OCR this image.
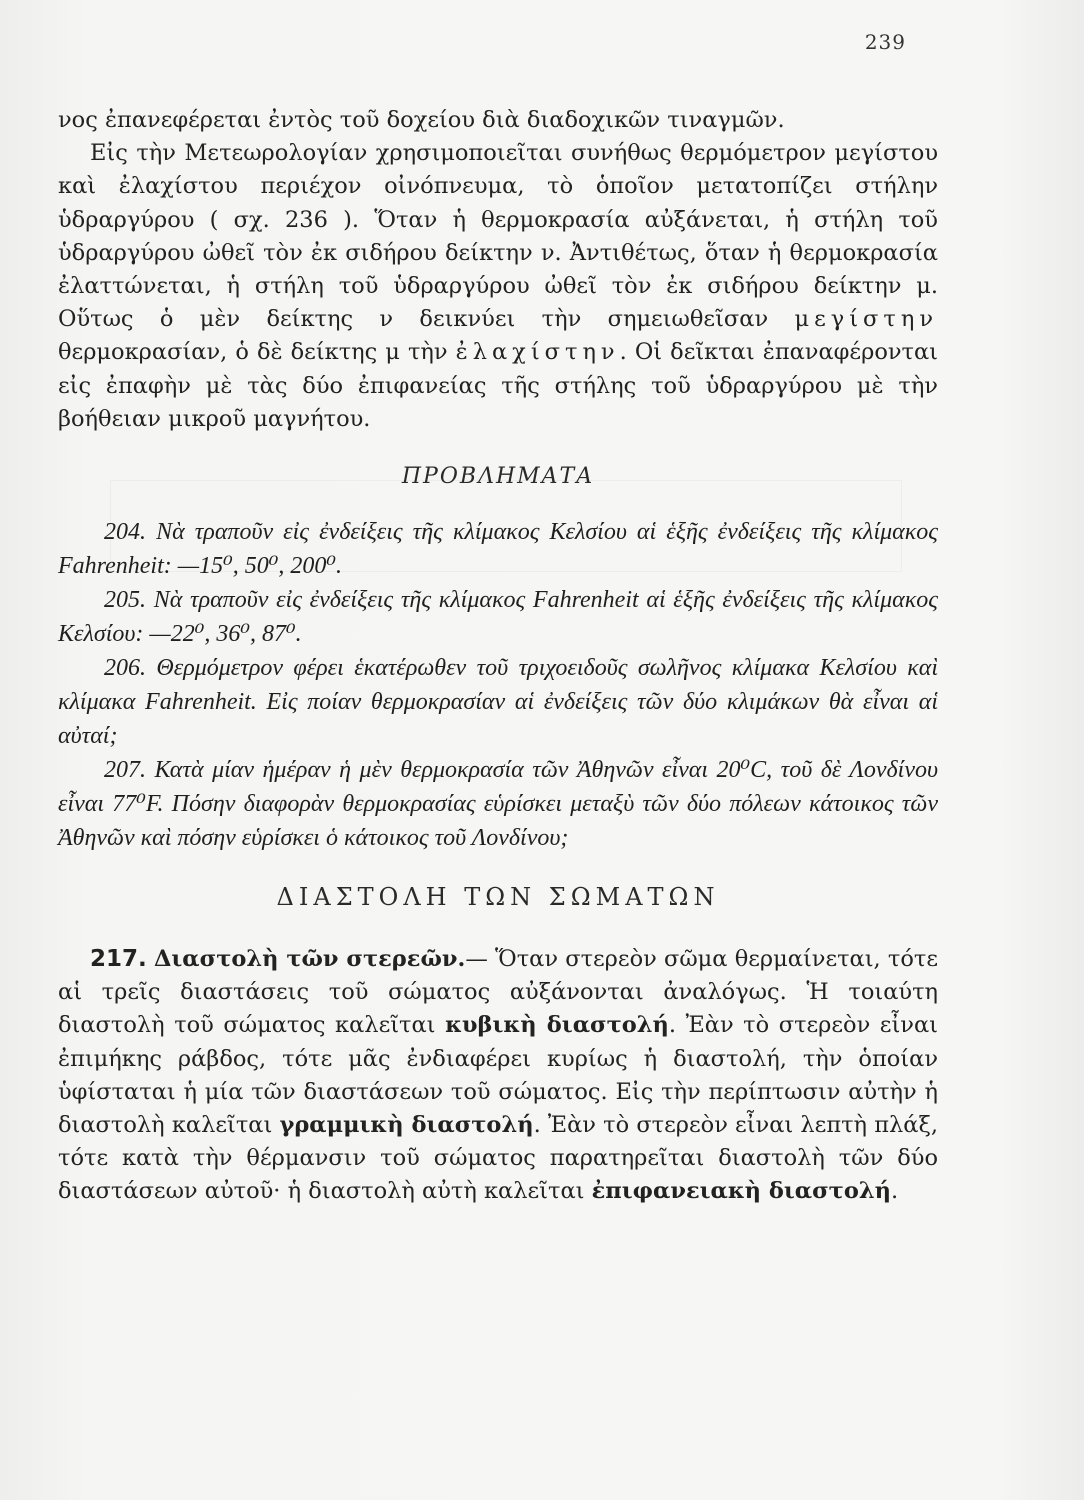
239

νος ἐπανεφέρεται ἐντὸς τοῦ δοχείου διὰ διαδοχικῶν τιναγμῶν.

Εἰς τὴν Μετεωρολογίαν χρησιμοποιεῖται συνήθως θερμόμετρον μεγίστου καὶ ἐλαχίστου περιέχον οἰνόπνευμα, τὸ ὁποῖον μετατοπίζει στήλην ὑδραργύρου ( σχ. 236 ). Ὅταν ἡ θερμοκρασία αὐξάνεται, ἡ στήλη τοῦ ὑδραργύρου ὠθεῖ τὸν ἐκ σιδήρου δείκτην ν. Ἀντιθέτως, ὅταν ἡ θερμοκρασία ἐλαττώνεται, ἡ στήλη τοῦ ὑδραργύρου ὠθεῖ τὸν ἐκ σιδήρου δείκτην μ. Οὕτως ὁ μὲν δείκτης ν δεικνύει τὴν σημειωθεῖσαν μεγίστην θερμοκρασίαν, ὁ δὲ δείκτης μ τὴν ἐλαχίστην. Οἱ δεῖκται ἐπαναφέρονται εἰς ἐπαφὴν μὲ τὰς δύο ἐπιφανείας τῆς στήλης τοῦ ὑδραργύρου μὲ τὴν βοήθειαν μικροῦ μαγνήτου.

ΠΡΟΒΛΗΜΑΤΑ

204. Νὰ τραποῦν εἰς ἐνδείξεις τῆς κλίμακος Κελσίου αἱ ἑξῆς ἐνδείξεις τῆς κλίμακος Fahrenheit: —15⁰, 50⁰, 200⁰.

205. Νὰ τραποῦν εἰς ἐνδείξεις τῆς κλίμακος Fahrenheit αἱ ἑξῆς ἐνδείξεις τῆς κλίμακος Κελσίου: —22⁰, 36⁰, 87⁰.

206. Θερμόμετρον φέρει ἑκατέρωθεν τοῦ τριχοειδοῦς σωλῆνος κλίμακα Κελσίου καὶ κλίμακα Fahrenheit. Εἰς ποίαν θερμοκρασίαν αἱ ἐνδείξεις τῶν δύο κλιμάκων θὰ εἶναι αἱ αὐταί;

207. Κατὰ μίαν ἡμέραν ἡ μὲν θερμοκρασία τῶν Ἀθηνῶν εἶναι 20⁰C, τοῦ δὲ Λονδίνου εἶναι 77⁰F. Πόσην διαφορὰν θερμοκρασίας εὑρίσκει μεταξὺ τῶν δύο πόλεων κάτοικος τῶν Ἀθηνῶν καὶ πόσην εὑρίσκει ὁ κάτοικος τοῦ Λονδίνου;

ΔΙΑΣΤΟΛΗ ΤΩΝ ΣΩΜΑΤΩΝ

217. Διαστολὴ τῶν στερεῶν.— Ὅταν στερεὸν σῶμα θερμαίνεται, τότε αἱ τρεῖς διαστάσεις τοῦ σώματος αὐξάνονται ἀναλόγως. Ἡ τοιαύτη διαστολὴ τοῦ σώματος καλεῖται κυβικὴ διαστολή. Ἐὰν τὸ στερεὸν εἶναι ἐπιμήκης ράβδος, τότε μᾶς ἐνδιαφέρει κυρίως ἡ διαστολή, τὴν ὁποίαν ὑφίσταται ἡ μία τῶν διαστάσεων τοῦ σώματος. Εἰς τὴν περίπτωσιν αὐτὴν ἡ διαστολὴ καλεῖται γραμμικὴ διαστολή. Ἐὰν τὸ στερεὸν εἶναι λεπτὴ πλάξ, τότε κατὰ τὴν θέρμανσιν τοῦ σώματος παρατηρεῖται διαστολὴ τῶν δύο διαστάσεων αὐτοῦ· ἡ διαστολὴ αὐτὴ καλεῖται ἐπιφανειακὴ διαστολή.
